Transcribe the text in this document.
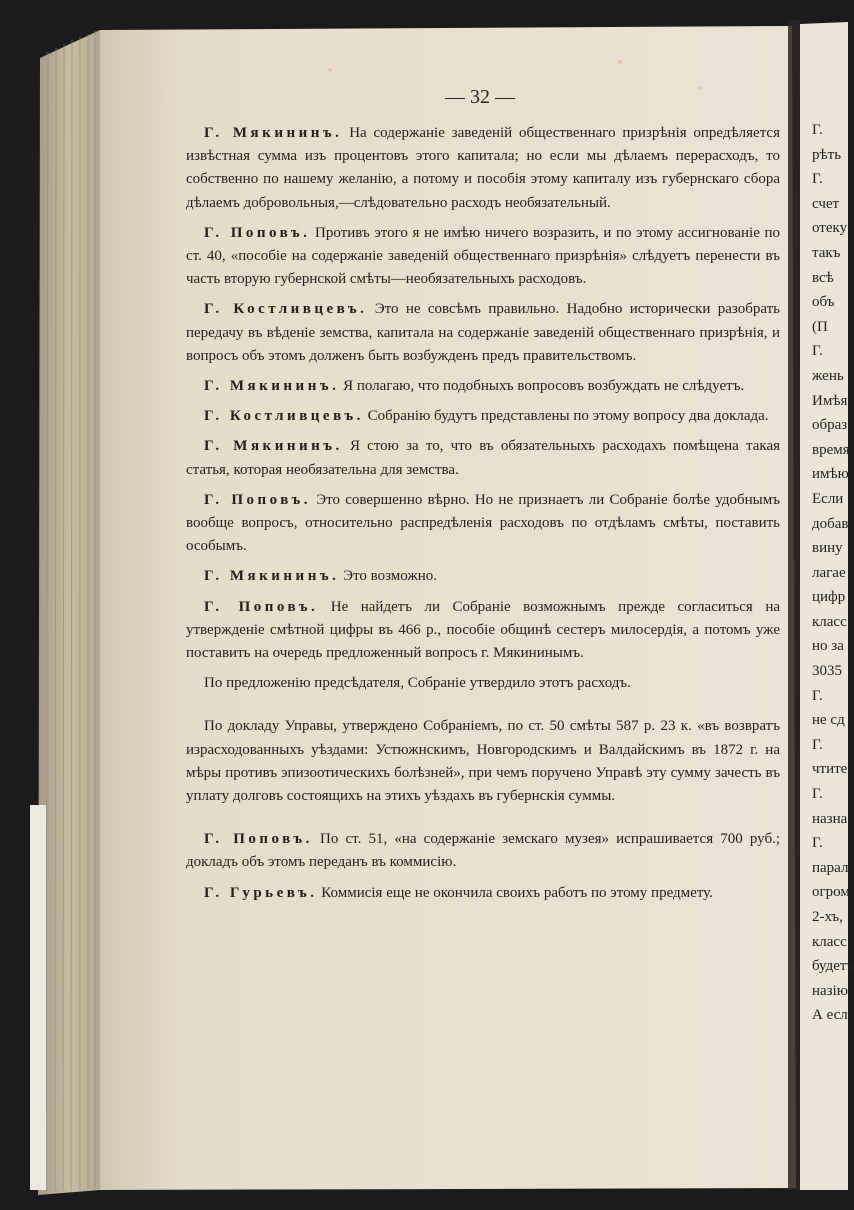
— 32 —

Г. Мякининъ. На содержаніе заведеній общественнаго призрѣнія опредѣляется извѣстная сумма изъ процентовъ этого капитала; но если мы дѣлаемъ перерасходъ, то собственно по нашему желанію, а потому и пособія этому капиталу изъ губернскаго сбора дѣлаемъ добровольныя,—слѣдовательно расходъ необязательный.

Г. Поповъ. Противъ этого я не имѣю ничего возразить, и по этому ассигнованіе по ст. 40, «пособіе на содержаніе заведеній общественнаго призрѣнія» слѣдуетъ перенести въ часть вторую губернской смѣты—необязательныхъ расходовъ.

Г. Костливцевъ. Это не совсѣмъ правильно. Надобно исторически разобрать передачу въ вѣденіе земства, капитала на содержаніе заведеній общественнаго призрѣнія, и вопросъ объ этомъ долженъ быть возбужденъ предъ правительствомъ.

Г. Мякининъ. Я полагаю, что подобныхъ вопросовъ возбуждать не слѣдуетъ.

Г. Костливцевъ. Собранію будутъ представлены по этому вопросу два доклада.

Г. Мякининъ. Я стою за то, что въ обязательныхъ расходахъ помѣщена такая статья, которая необязательна для земства.

Г. Поповъ. Это совершенно вѣрно. Но не признаетъ ли Собраніе болѣе удобнымъ вообще вопросъ, относительно распредѣленія расходовъ по отдѣламъ смѣты, поставить особымъ.

Г. Мякининъ. Это возможно.

Г. Поповъ. Не найдетъ ли Собраніе возможнымъ прежде согласиться на утвержденіе смѣтной цифры въ 466 р., пособіе общинѣ сестеръ милосердія, а потомъ уже поставить на очередь предложенный вопросъ г. Мякининымъ.

По предложенію предсѣдателя, Собраніе утвердило этотъ расходъ.

По докладу Управы, утверждено Собраніемъ, по ст. 50 смѣты 587 р. 23 к. «въ возвратъ израсходованныхъ уѣздами: Устюжнскимъ, Новгородскимъ и Валдайскимъ въ 1872 г. на мѣры противъ эпизоотическихъ болѣзней», при чемъ поручено Управѣ эту сумму зачесть въ уплату долговъ состоящихъ на этихъ уѣздахъ въ губернскія суммы.

Г. Поповъ. По ст. 51, «на содержаніе земскаго музея» испрашивается 700 руб.; докладъ объ этомъ переданъ въ коммисію.

Г. Гурьевъ. Коммисія еще не окончила своихъ работъ по этому предмету.

Г.
рѣть
Г.
счет
отеку
такъ
всѣ
объ
(П
Г.
жень
Имѣя
образ
время
имѣю
Если
добав
вину
лагае
цифр
класс
но за
3035
Г.
не сд
Г.
чтите
Г.
назна
Г.
парал
огром
2-хъ,
класс
будетъ
назію
А есл
